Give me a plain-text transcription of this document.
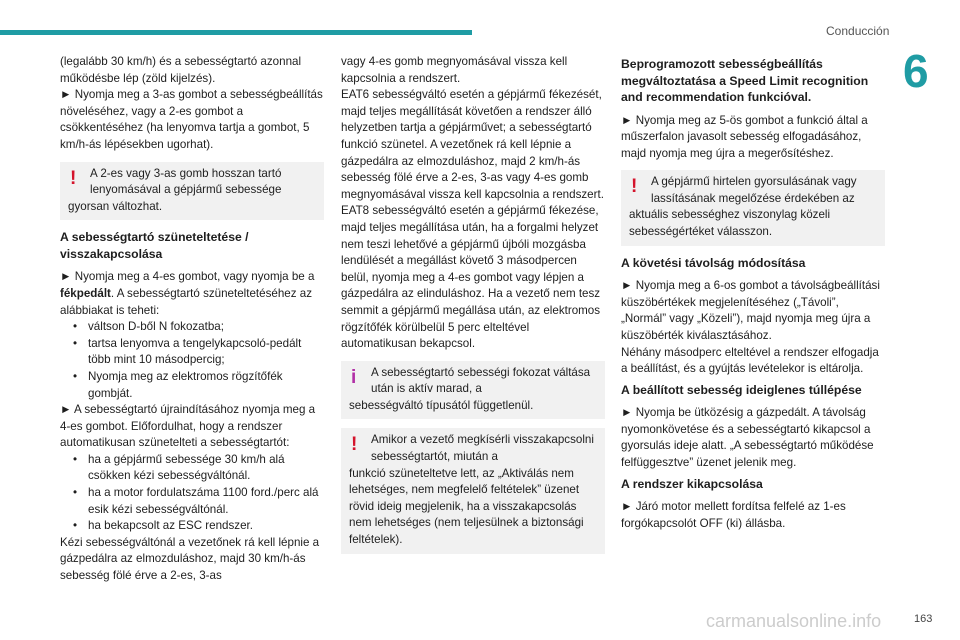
Conducción
6

(legalább 30 km/h) és a sebességtartó azonnal működésbe lép (zöld kijelzés).

► Nyomja meg a 3-as gombot a sebességbeállítás növeléséhez, vagy a 2-es gombot a csökkentéséhez (ha lenyomva tartja a gombot, 5 km/h-ás lépésekben ugorhat).

!	A 2-es vagy 3-as gomb hosszan tartó lenyomásával a gépjármű sebessége
gyorsan változhat.

A sebességtartó szüneteltetése / visszakapcsolása

► Nyomja meg a 4-es gombot, vagy nyomja be a fékpedált. A sebességtartó szüneteltetéséhez az alábbiakat is teheti:

• váltson D-ből N fokozatba;
• tartsa lenyomva a tengelykapcsoló-pedált több mint 10 másodpercig;
• Nyomja meg az elektromos rögzítőfék gombját.

► A sebességtartó újraindításához nyomja meg a 4-es gombot. Előfordulhat, hogy a rendszer automatikusan szünetelteti a sebességtartót:

• ha a gépjármű sebessége 30 km/h alá csökken kézi sebességváltónál.
• ha a motor fordulatszáma 1100 ford./perc alá esik kézi sebességváltónál.
• ha bekapcsolt az ESC rendszer.

Kézi sebességváltónál a vezetőnek rá kell lépnie a gázpedálra az elmozduláshoz, majd 30 km/h-ás sebesség fölé érve a 2-es, 3-as

vagy 4-es gomb megnyomásával vissza kell kapcsolnia a rendszert.

EAT6 sebességváltó esetén a gépjármű fékezését, majd teljes megállítását követően a rendszer álló helyzetben tartja a gépjárművet; a sebességtartó funkció szünetel. A vezetőnek rá kell lépnie a gázpedálra az elmozduláshoz, majd 2 km/h-ás sebesség fölé érve a 2-es, 3-as vagy 4-es gomb megnyomásával vissza kell kapcsolnia a rendszert.

EAT8 sebességváltó esetén a gépjármű fékezése, majd teljes megállítása után, ha a forgalmi helyzet nem teszi lehetővé a gépjármű újbóli mozgásba lendülését a megállást követő 3 másodpercen belül, nyomja meg a 4-es gombot vagy lépjen a gázpedálra az elinduláshoz. Ha a vezető nem tesz semmit a gépjármű megállása után, az elektromos rögzítőfék körülbelül 5 perc elteltével automatikusan bekapcsol.

i	A sebességtartó sebességi fokozat váltása után is aktív marad, a
sebességváltó típusától függetlenül.
!	Amikor a vezető megkísérli visszakapcsolni sebességtartót, miután a
funkció szüneteltetve lett, az „Aktiválás nem lehetséges, nem megfelelő feltételek” üzenet rövid ideig megjelenik, ha a visszakapcsolás nem lehetséges (nem teljesülnek a biztonsági feltételek).

Beprogramozott sebességbeállítás megváltoztatása a Speed Limit recognition and recommendation funkcióval.

► Nyomja meg az 5-ös gombot a funkció által a műszerfalon javasolt sebesség elfogadásához, majd nyomja meg újra a megerősítéshez.

!	A gépjármű hirtelen gyorsulásának vagy lassításának megelőzése érdekében az
aktuális sebességhez viszonylag közeli sebességértéket válasszon.

A követési távolság módosítása

► Nyomja meg a 6-os gombot a távolságbeállítási küszöbértékek megjelenítéséhez („Távoli”, „Normál” vagy „Közeli”), majd nyomja meg újra a küszöbérték kiválasztásához.

Néhány másodperc elteltével a rendszer elfogadja a beállítást, és a gyújtás levételekor is eltárolja.

A beállított sebesség ideiglenes túllépése

► Nyomja be ütközésig a gázpedált. A távolság nyomonkövetése és a sebességtartó kikapcsol a gyorsulás ideje alatt. „A sebességtartó működése felfüggesztve” üzenet jelenik meg.

A rendszer kikapcsolása

► Járó motor mellett fordítsa felfelé az 1-es forgókapcsolót OFF (ki) állásba.

carmanualsonline.info	163
